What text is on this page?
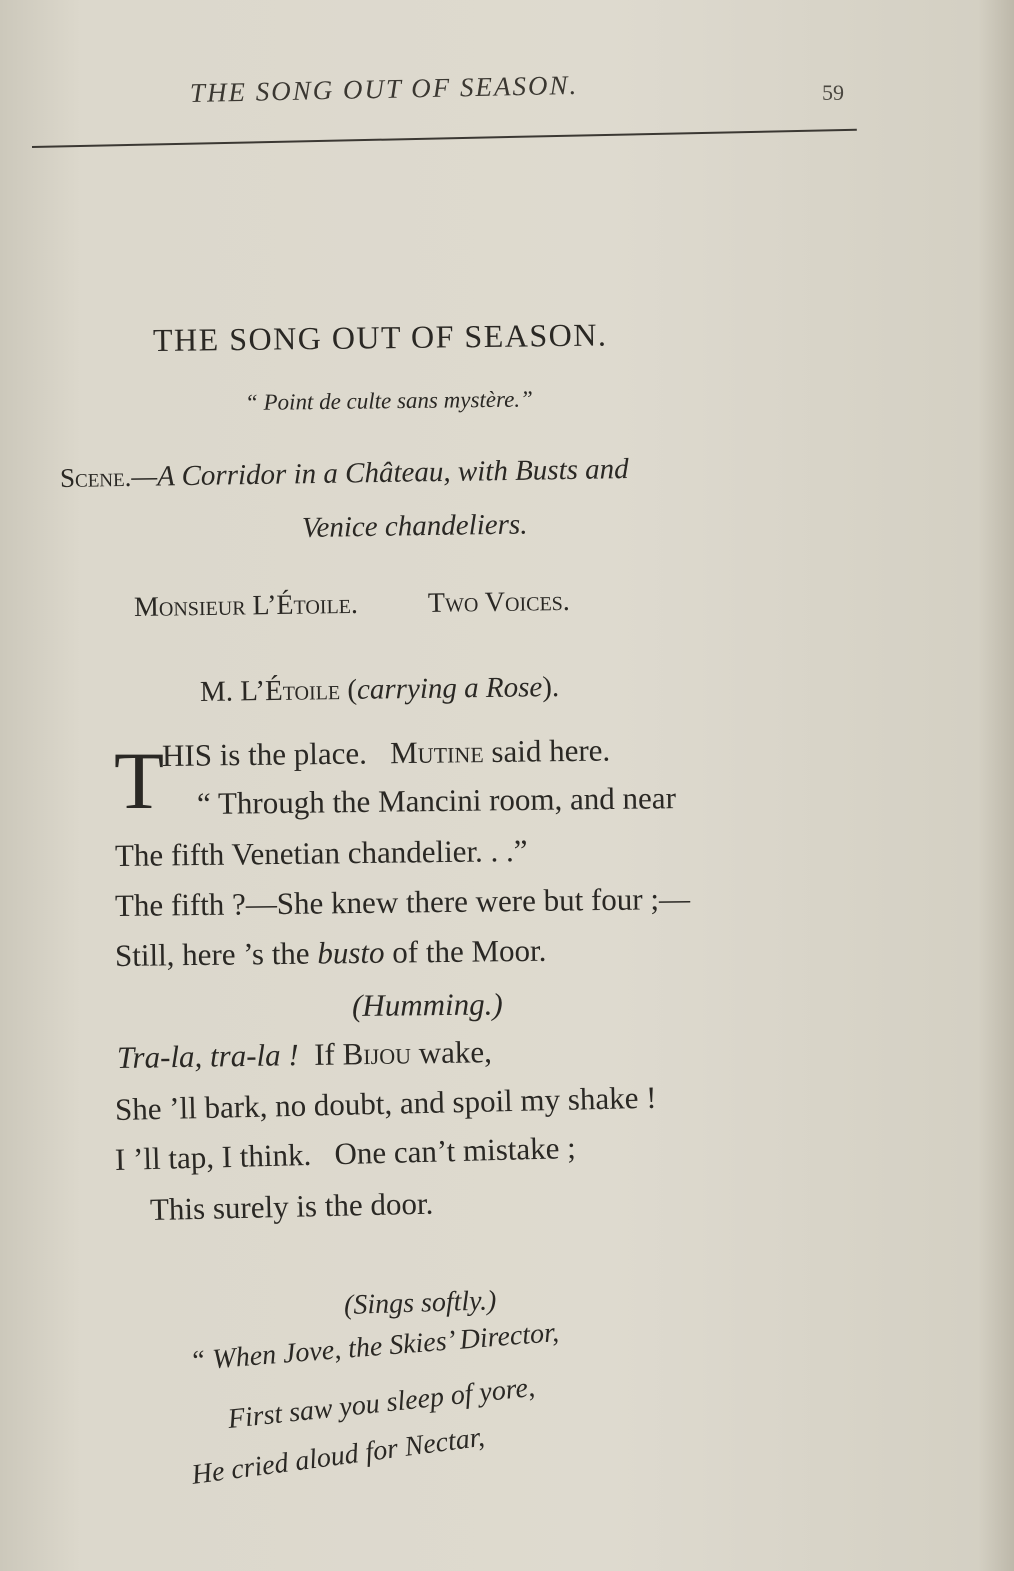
THE SONG OUT OF SEASON.	59
THE SONG OUT OF SEASON.
“ Point de culte sans mystère.”
Scene.—A Corridor in a Château, with Busts and
Venice chandeliers.
Monsieur L’Étoile. Two Voices.
M. L’Étoile (carrying a Rose).
T
HIS is the place. Mutine said here.
“ Through the Mancini room, and near
The fifth Venetian chandelier. . .”
The fifth ?—She knew there were but four ;—
Still, here ’s the busto of the Moor.
(Humming.)
Tra-la, tra-la !  If Bijou wake,
She ’ll bark, no doubt, and spoil my shake !
I ’ll tap, I think.   One can’t mistake ;
This surely is the door.
(Sings softly.)
“ When Jove, the Skies’ Director,
First saw you sleep of yore,
He cried aloud for Nectar,
